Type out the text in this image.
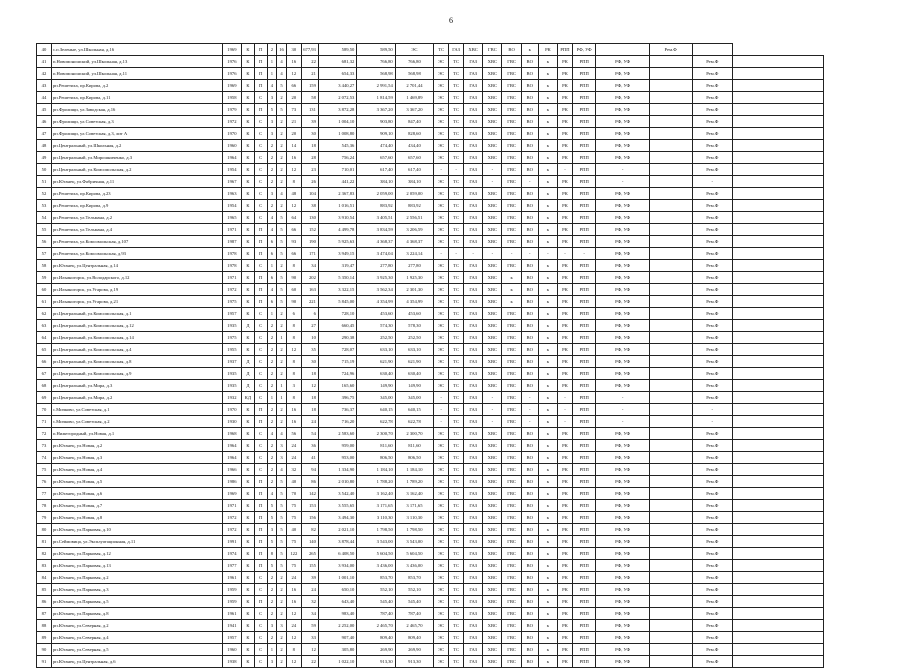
6
40	с.п.Зеленые, ул.Школьная, д.16	1969	К	П	2	16	30	677,93	589,50	589,50	ЭС	ТС	ГАЗ	ХВС	ГВС	ВО	к	РК	РПП	РФ, УФ		Рем.Ф		
41	п.Новомоношский, ул.Школьная, д.13	1976	К	П	1	4	16	22	681,32	766,80	766,80	ЭС	ТС	ГАЗ	ХВС	ГВС	ВО	к	РК	РПП	РФ, УФ		Рем.Ф	
42	п.Новомоношский, ул.Школьная, д.11	1976	К	П	1	4	12	21	654,33	568,98	568,98	ЭС	ТС	ГАЗ	ХВС	ГВС	ВО	к	РК	РПП	РФ, УФ		Рем.Ф	
43	рп.Решетиха, пр.Кирова, д.2	1969	К	П	4	5	66	159	3 440,27	2 991,54	2 701,44	ЭС	ТС	ГАЗ	ХВС	ГВС	ВО	к	РК	РПП	РФ, УФ		Рем.Ф	
44	рп.Решетиха, пр.Кирова, д.11	1958	К	С	3	2	20	58	2 072,53	1 814,59	1 469,89	ЭС	ТС	ГАЗ	ХВС	ГВС	ВО	к	РК	РПП	РФ, УФ		Рем.Ф	
45	рп.Фролищи, ул.Заводская, д.16	1979	К	П	5	5	73	131	3 872,28	3 367,20	3 367,20	ЭС	ТС	ГАЗ	ХВС	ГВС	ВО	к	РК	РПП	РФ, УФ		Рем.Ф	
46	рп.Фролищи, ул.Советская, д.3	1972	К	С	3	2	21	39	1 004,10	903,80	847,40	ЭС	ТС	ГАЗ	ХВС	ГВС	ВО	к	РК	РПП	РФ, УФ		Рем.Ф	
47	рп.Фролищи, ул.Советская, д.3, лит А	1970	К	С	3	2	20	30	1 008,80	909,10	828,60	ЭС	ТС	ГАЗ	ХВС	ГВС	ВО	к	РК	РПП	РФ, УФ		Рем.Ф	
48	рп.Центральный, ул.Школьная, д.2	1960	К	С	2	2	14	18	545,36	474,40	434,40	ЭС	ТС	ГАЗ	ХВС	ГВС	ВО	к	РК	РПП	РФ, УФ		Рем.Ф	
49	рп.Центральный, ул.Мирошниченко, д.3	1964	К	С	2	2	16	28	756,24	657,60	657,60	ЭС	ТС	ГАЗ	ХВС	ГВС	ВО	к	РК	РПП	РФ, УФ		Рем.Ф	
50	рп.Центральный, ул.Комсомольская, д.2	1954	К	С	2	2	12	23	710,01	617,40	617,40	-	-	ГАЗ	-	ГВС	ВО	к	-	РПП	-		Рем.Ф	
51	рп.Юганец, ул.Фабричная, д.11	1967	К	С	2	2	8	26	441,22	384,10	384,10	ЭС	ТС	ГАЗ	-	ГВС	-	к	РК	РПП	-		-	
52	рп.Решетиха, пр.Кирова, д.23	1963	К	С	3	4	48	104	2 367,83	2 059,00	2 059,00	ЭС	ТС	ГАЗ	ХВС	ГВС	ВО	к	РК	РПП	РФ, УФ		Рем.Ф	
53	рп.Решетиха, пр.Кирова, д.9	1954	К	С	2	2	12	38	1 016,51	883,92	883,92	ЭС	ТС	ГАЗ	ХВС	ГВС	ВО	к	РК	РПП	РФ, УФ		Рем.Ф	
54	рп.Решетиха, ул.Тельмана, д.2	1965	К	С	4	5	64	130	3 910,54	3 405,51	2 556,51	ЭС	ТС	ГАЗ	ХВС	ГВС	ВО	к	РК	РПП	РФ, УФ		Рем.Ф	
55	рп.Решетиха, ул.Тельмана, д.4	1971	К	П	4	5	66	152	4 499,78	3 834,59	3 206,59	ЭС	ТС	ГАЗ	ХВС	ГВС	ВО	к	РК	РПП	РФ, УФ		Рем.Ф	
56	рп.Решетиха, ул.Комсомольская, д.107	1987	К	П	6	5	93	190	5 925,63	4 368,37	4 368,37	ЭС	ТС	ГАЗ	ХВС	ГВС	ВО	к	РК	РПП	РФ, УФ		Рем.Ф	
57	рп.Решетиха, ул.Комсомольская, д.93	1978	К	П	6	5	66	171	3 949,15	3 474,04	3 224,14	-	-	-	-	-	-	-	-	-	РФ, УФ		Рем.Ф	
58	рп.Юганец, ул.Центральная, д.14	1978	К	С	1	2	8	34	319,47	277,80	277,80	ЭС	ТС	ГАЗ	ХВС	ГВС	ВО	к	РК	РПП	РФ, УФ		Рем.Ф	
59	рп.Ильиногорск, ул.Володарского, д.12	1971	К	П	6	5	90	202	5 350,14	3 925,30	1 925,30	ЭС	ТС	ГАЗ	ХВС	к	ВО	к	РК	РПП	РФ, УФ		Рем.Ф	
60	рп.Ильиногорск, ул.Угарова, д.19	1972	К	П	4	5	60	163	3 322,15	3 562,34	2 301,30	ЭС	ТС	ГАЗ	ХВС	к	ВО	к	РК	РПП	РФ, УФ		Рем.Ф	
61	рп.Ильиногорск, ул.Угарова, д.21	1975	К	П	6	5	90	221	5 845,00	4 354,99	4 354,99	ЭС	ТС	ГАЗ	ХВС	к	ВО	к	РК	РПП	РФ, УФ		Рем.Ф	
62	рп.Центральный, ул.Комсомольская, д.1	1957	К	С	1	2	6	6	728,10	453,60	453,60	ЭС	ТС	ГАЗ	ХВС	ГВС	ВО	к	РК	РПП	РФ, УФ		Рем.Ф	
63	рп.Центральный, ул.Комсомольская, д.12	1935	Д	С	2	2	8	27	660,45	574,30	578,30	ЭС	ТС	ГАЗ	ХВС	ГВС	ВО	к	РК	РПП	РФ, УФ		Рем.Ф	
64	рп.Центральный, ул.Комсомольская, д.14	1975	К	С	2	1	8	10	290,38	252,50	252,50	ЭС	ТС	ГАЗ	ХВС	ГВС	ВО	к	РК	РПП	РФ, УФ		Рем.Ф	
65	рп.Центральный, ул.Комсомольская, д.4	1955	К	С	2	2	12	35	728,07	633,10	633,10	ЭС	ТС	ГАЗ	ХВС	ГВС	ВО	к	РК	РПП	РФ, УФ		Рем.Ф	
66	рп.Центральный, ул.Комсомольская, д.8	1937	Д	С	2	2	8	30	715,19	621,90	621,90	ЭС	ТС	ГАЗ	ХВС	ГВС	ВО	к	РК	РПП	РФ, УФ		Рем.Ф	
67	рп.Центральный, ул.Комсомольская, д.9	1935	Д	С	2	2	8	18	724,96	630,40	630,40	ЭС	ТС	ГАЗ	ХВС	ГВС	ВО	к	РК	РПП	РФ, УФ		Рем.Ф	
68	рп.Центральный, ул.Мира, д.3	1935	Д	С	2	1	3	12	165,60	149,90	149,90	ЭС	ТС	ГАЗ	ХВС	ГВС	ВО	к	РК	РПП	РФ, УФ		Рем.Ф	
69	рп.Центральный, ул.Мира, д.2	1932	КД	С	1	1	8	18	396,75	345,00	345,00	-	ТС	ГАЗ	-	ГВС	-	к	-	РПП	-		Рем.Ф	
70	с.Мичково, ул.Советская, д.1	1970	К	П	2	2	16	18	736,37	640,15	640,15	-	ТС	ГАЗ	-	ГВС	-	к	-	РПП	-		-	
71	с.Мичково, ул.Советская, д.2	1930	К	П	2	2	16	24	716,20	622,78	622,78	-	ТС	ГАЗ	-	ГВС	-	к	-	РПП	-		-	
72	п.Нижегородный, ул.Новая, д.1	1968	К	С	4	4	56	54	2 583,60	2 300,70	2 300,70	ЭС	ТС	ГАЗ	ХВС	ГВС	ВО	к	РК	РПП	РФ, УФ		Рем.Ф	
73	рп.Юганец, ул.Новая, д.2	1964	К	С	2	3	24	36	959,00	811,60	811,60	ЭС	ТС	ГАЗ	ХВС	ГВС	ВО	к	РК	РПП	РФ, УФ		Рем.Ф	
74	рп.Юганец, ул.Новая, д.3	1964	К	С	2	3	24	41	953,00	806,50	806,50	ЭС	ТС	ГАЗ	ХВС	ГВС	ВО	к	РК	РПП	РФ, УФ		Рем.Ф	
75	рп.Юганец, ул.Новая, д.4	1966	К	С	2	4	32	94	1 334,90	1 184,10	1 184,10	ЭС	ТС	ГАЗ	ХВС	ГВС	ВО	к	РК	РПП	РФ, УФ		Рем.Ф	
76	рп.Юганец, ул.Новая, д.5	1986	К	П	2	5	40	86	2 010,80	1 788,20	1 789,20	ЭС	ТС	ГАЗ	ХВС	ГВС	ВО	к	РК	РПП	РФ, УФ		Рем.Ф	
77	рп.Юганец, ул.Новая, д.6	1969	К	П	4	5	70	142	3 542,40	3 162,40	3 162,40	ЭС	ТС	ГАЗ	ХВС	ГВС	ВО	к	РК	РПП	РФ, УФ		Рем.Ф	
78	рп.Юганец, ул.Новая, д.7	1971	К	П	5	5	75	153	3 555,65	3 171,65	3 171,65	ЭС	ТС	ГАЗ	ХВС	ГВС	ВО	к	РК	РПП	РФ, УФ		Рем.Ф	
79	рп.Юганец, ул.Новая, д.8	1972	К	П	5	5	75	156	3 494,30	3 110,30	3 110,30	ЭС	ТС	ГАЗ	ХВС	ГВС	ВО	к	РК	РПП	РФ, УФ		Рем.Ф	
80	рп.Юганец, ул.Парковая, д.10	1972	К	П	3	5	40	82	2 021,10	1 798,50	1 798,50	ЭС	ТС	ГАЗ	ХВС	ГВС	ВО	к	РК	РПП	РФ, УФ		Рем.Ф	
81	рп.Сеймовица, ул.Эксплуатационная, д.11	1991	К	П	5	5	75	140	3 878,44	3 543,00	3 543,00	ЭС	ТС	ГАЗ	ХВС	ГВС	ВО	к	РК	РПП	РФ, УФ		Рем.Ф	
82	рп.Юганец, ул.Парковая, д.12	1974	К	П	8	5	122	265	6 408,50	5 604,50	5 604,50	ЭС	ТС	ГАЗ	ХВС	ГВС	ВО	к	РК	РПП	РФ, УФ		Рем.Ф	
83	рп.Юганец, ул.Парковая, д.13	1977	К	П	5	5	75	155	3 934,00	3 436,00	3 436,00	ЭС	ТС	ГАЗ	ХВС	ГВС	ВО	к	РК	РПП	РФ, УФ		Рем.Ф	
84	рп.Юганец, ул.Парковая, д.2	1961	К	С	2	2	24	39	1 001,10	853,70	853,70	ЭС	ТС	ГАЗ	ХВС	ГВС	ВО	к	РК	РПП	РФ, УФ		Рем.Ф	
85	рп.Юганец, ул.Парковая, д.3	1959	К	С	2	2	16	24	650,10	552,10	552,10	ЭС	ТС	ГАЗ	ХВС	ГВС	ВО	к	РК	РПП	РФ, УФ		Рем.Ф	
86	рп.Юганец, ул.Парковая, д.5	1959	К	П	2	2	16	32	643,40	545,40	545,40	ЭС	ТС	ГАЗ	ХВС	ГВС	ВО	к	РК	РПП	РФ, УФ		Рем.Ф	
87	рп.Юганец, ул.Парковая, д.8	1961	К	С	2	2	12	34	983,40	787,40	787,40	ЭС	ТС	ГАЗ	ХВС	ГВС	ВО	к	РК	РПП	РФ, УФ		Рем.Ф	
88	рп.Юганец, ул.Северная, д.2	1941	К	С	3	3	24	59	2 252,00	2 465,70	2 465,70	ЭС	ТС	ГАЗ	ХВС	ГВС	ВО	к	РК	РПП	РФ, УФ		Рем.Ф	
89	рп.Юганец, ул.Северная, д.4	1957	К	С	2	2	12	33	907,40	809,40	809,40	ЭС	ТС	ГАЗ	ХВС	ГВС	ВО	к	РК	РПП	РФ, УФ		Рем.Ф	
90	рп.Юганец, ул.Северная, д.5	1960	К	С	1	2	8	12	305,80	269,90	269,90	ЭС	ТС	ГАЗ	ХВС	ГВС	ВО	к	РК	РПП	РФ, УФ		Рем.Ф	
91	рп.Юганец, ул.Центральная, д.6	1938	К	С	3	2	12	22	1 022,10	913,30	913,30	ЭС	ТС	ГАЗ	ХВС	ГВС	ВО	к	РК	РПП	РФ, УФ		Рем.Ф	
